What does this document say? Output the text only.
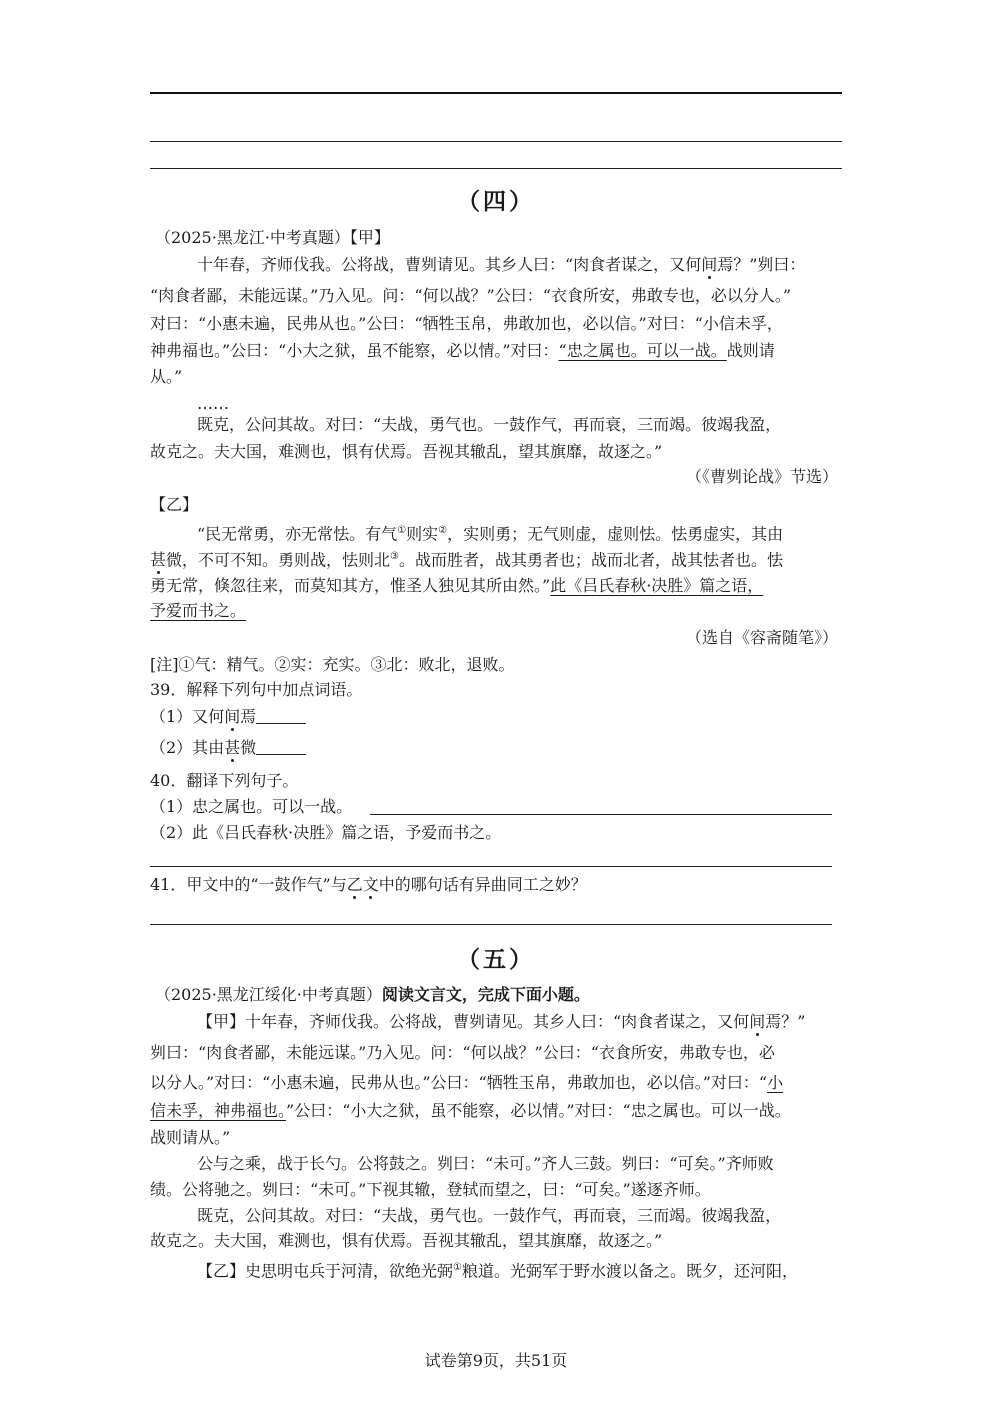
（四）
（2025·黑龙江·中考真题）【甲】
十年春，齐师伐我。公将战，曹刿请见。其乡人曰：“肉食者谋之，又何间焉？”刿曰：
“肉食者鄙，未能远谋。”乃入见。问：“何以战？”公曰：“衣食所安，弗敢专也，必以分人。”
对曰：“小惠未遍，民弗从也。”公曰：“牺牲玉帛，弗敢加也，必以信。”对曰：“小信未孚，
神弗福也。”公曰：“小大之狱，虽不能察，必以情。”对曰：“忠之属也。可以一战。战则请
从。”
……
既克，公问其故。对曰：“夫战，勇气也。一鼓作气，再而衰，三而竭。彼竭我盈，
故克之。夫大国，难测也，惧有伏焉。吾视其辙乱，望其旗靡，故逐之。”
（《曹刿论战》节选）
【乙】
“民无常勇，亦无常怯。有气①则实②，实则勇；无气则虚，虚则怯。怯勇虚实，其由
甚微，不可不知。勇则战，怯则北③。战而胜者，战其勇者也；战而北者，战其怯者也。怯
勇无常，倏忽往来，而莫知其方，惟圣人独见其所由然。”此《吕氏春秋·决胜》篇之语，
予爱而书之。
（选自《容斋随笔》）
[注]①气：精气。②实：充实。③北：败北，退败。
39．解释下列句中加点词语。
（1）又何间焉
（2）其由甚微
40．翻译下列句子。
（1）忠之属也。可以一战。
（2）此《吕氏春秋·决胜》篇之语，予爱而书之。
41．甲文中的“一鼓作气”与乙文中的哪句话有异曲同工之妙？
（五）
（2025·黑龙江绥化·中考真题）阅读文言文，完成下面小题。
【甲】十年春，齐师伐我。公将战，曹刿请见。其乡人曰：“肉食者谋之，又何间焉？”
刿曰：“肉食者鄙，未能远谋。”乃入见。问：“何以战？”公曰：“衣食所安，弗敢专也，必
以分人。”对曰：“小惠未遍，民弗从也。”公曰：“牺牲玉帛，弗敢加也，必以信。”对曰：“小
信未孚，神弗福也。”公曰：“小大之狱，虽不能察，必以情。”对曰：“忠之属也。可以一战。
战则请从。”
公与之乘，战于长勺。公将鼓之。刿曰：“未可。”齐人三鼓。刿曰：“可矣。”齐师败
绩。公将驰之。刿曰：“未可。”下视其辙，登轼而望之，曰：“可矣。”遂逐齐师。
既克，公问其故。对曰：“夫战，勇气也。一鼓作气，再而衰，三而竭。彼竭我盈，
故克之。夫大国，难测也，惧有伏焉。吾视其辙乱，望其旗靡，故逐之。”
【乙】史思明屯兵于河清，欲绝光弼①粮道。光弼军于野水渡以备之。既夕，还河阳，
试卷第9页，共51页
